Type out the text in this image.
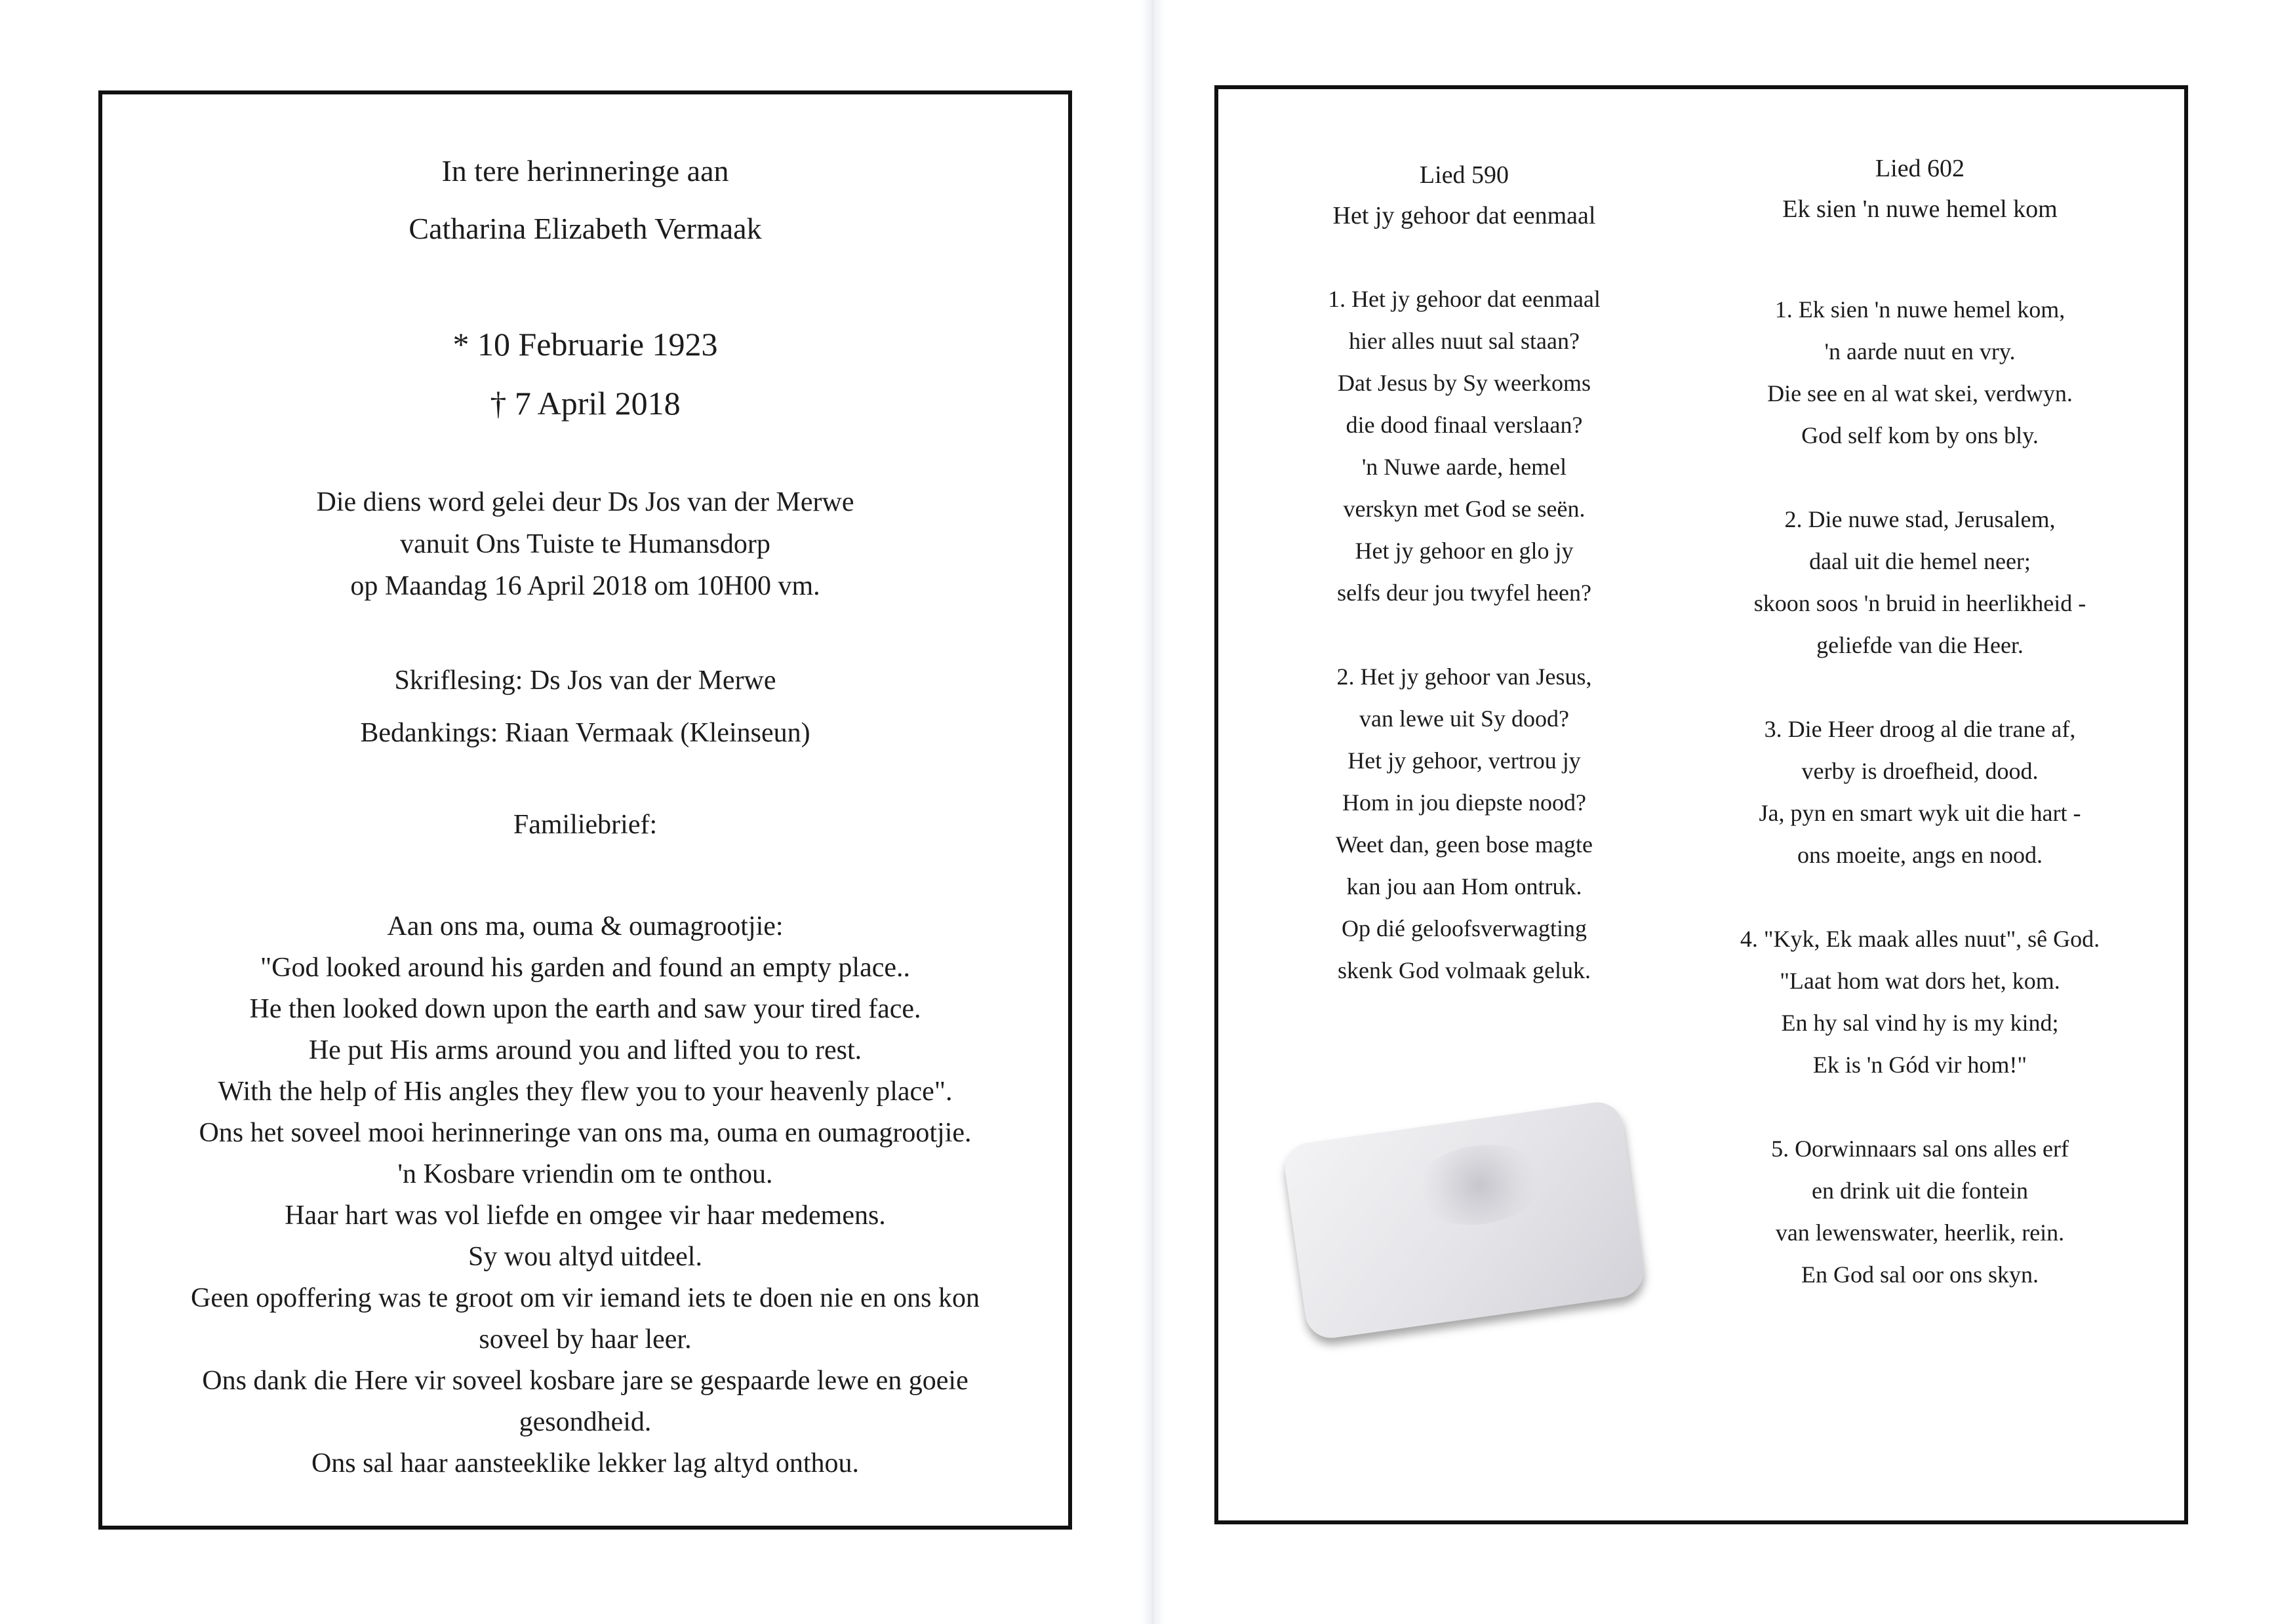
In tere herinneringe aan
Catharina Elizabeth Vermaak
* 10 Februarie 1923
† 7 April 2018
Die diens word gelei deur Ds Jos van der Merwe
vanuit Ons Tuiste te Humansdorp
op Maandag 16 April 2018 om 10H00 vm.
Skriflesing: Ds Jos van der Merwe
Bedankings: Riaan Vermaak (Kleinseun)
Familiebrief:
Aan ons ma, ouma & oumagrootjie:
"God looked around his garden and found an empty place..
He then looked down upon the earth and saw your tired face.
He put His arms around you and lifted you to rest.
With the help of His angles they flew you to your heavenly place".
Ons het soveel mooi herinneringe van ons ma, ouma en oumagrootjie.
'n Kosbare vriendin om te onthou.
Haar hart was vol liefde en omgee vir haar medemens.
Sy wou altyd uitdeel.
Geen opoffering was te groot om vir iemand iets te doen nie en ons kon
soveel by haar leer.
Ons dank die Here vir soveel kosbare jare se gespaarde lewe en goeie
gesondheid.
Ons sal haar aansteeklike lekker lag altyd onthou.
Lied 590
Het jy gehoor dat eenmaal
1. Het jy gehoor dat eenmaal
hier alles nuut sal staan?
Dat Jesus by Sy weerkoms
die dood finaal verslaan?
'n Nuwe aarde, hemel
verskyn met God se seën.
Het jy gehoor en glo jy
selfs deur jou twyfel heen?
2. Het jy gehoor van Jesus,
van lewe uit Sy dood?
Het jy gehoor, vertrou jy
Hom in jou diepste nood?
Weet dan, geen bose magte
kan jou aan Hom ontruk.
Op dié geloofsverwagting
skenk God volmaak geluk.
Lied 602
Ek sien 'n nuwe hemel kom
1. Ek sien 'n nuwe hemel kom,
'n aarde nuut en vry.
Die see en al wat skei, verdwyn.
God self kom by ons bly.
2. Die nuwe stad, Jerusalem,
daal uit die hemel neer;
skoon soos 'n bruid in heerlikheid -
geliefde van die Heer.
3. Die Heer droog al die trane af,
verby is droefheid, dood.
Ja, pyn en smart wyk uit die hart -
ons moeite, angs en nood.
4. "Kyk, Ek maak alles nuut", sê God.
"Laat hom wat dors het, kom.
En hy sal vind hy is my kind;
Ek is 'n Gód vir hom!"
5. Oorwinnaars sal ons alles erf
en drink uit die fontein
van lewenswater, heerlik, rein.
En God sal oor ons skyn.
